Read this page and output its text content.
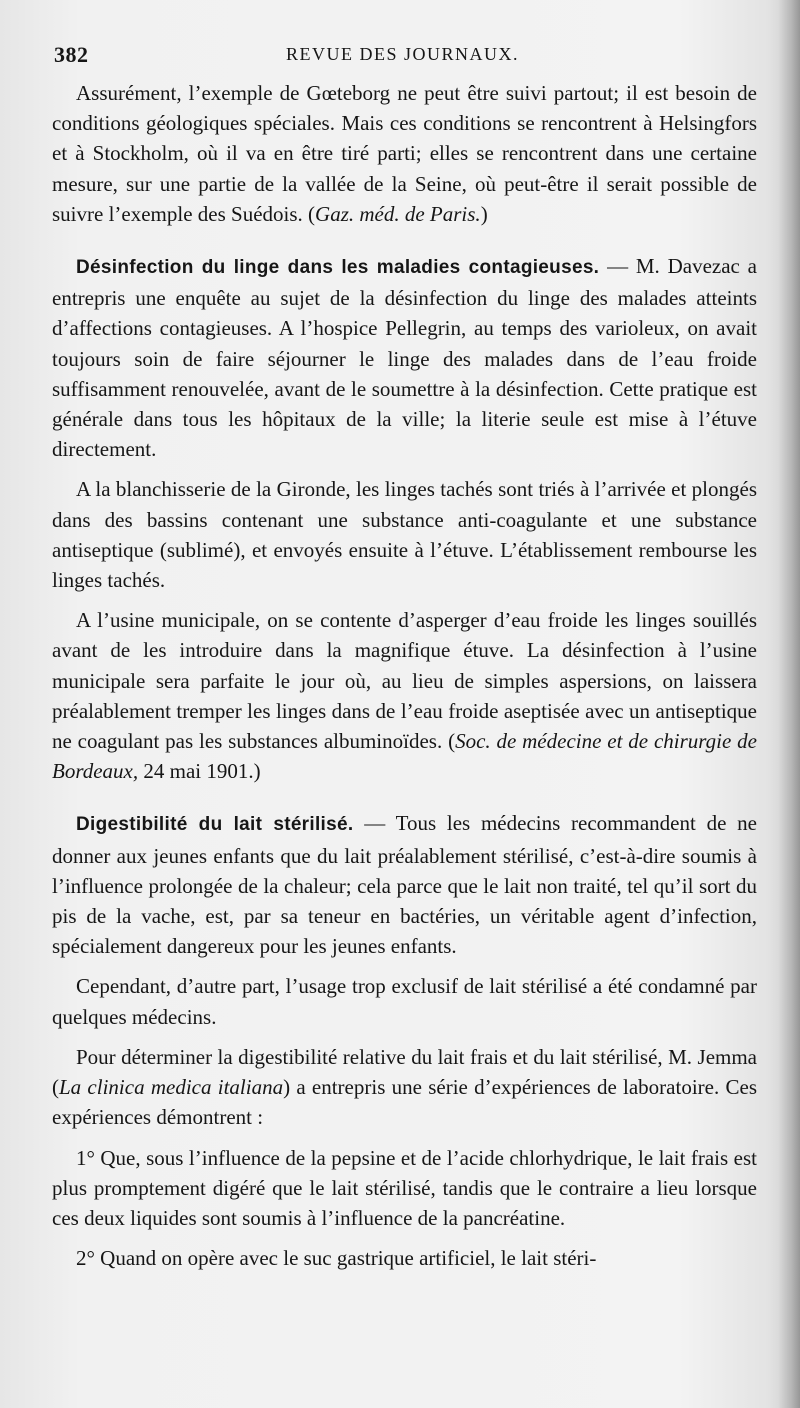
382	REVUE DES JOURNAUX.

Assurément, l’exemple de Gœteborg ne peut être suivi partout; il est besoin de conditions géologiques spéciales. Mais ces conditions se rencontrent à Helsingfors et à Stockholm, où il va en être tiré parti; elles se rencontrent dans une certaine mesure, sur une partie de la vallée de la Seine, où peut-être il serait possible de suivre l’exemple des Suédois. (Gaz. méd. de Paris.)

Désinfection du linge dans les maladies contagieuses. — M. Davezac a entrepris une enquête au sujet de la désinfection du linge des malades atteints d’affections contagieuses. A l’hospice Pellegrin, au temps des varioleux, on avait toujours soin de faire séjourner le linge des malades dans de l’eau froide suffisamment renouvelée, avant de le soumettre à la désinfection. Cette pratique est générale dans tous les hôpitaux de la ville; la literie seule est mise à l’étuve directement.

A la blanchisserie de la Gironde, les linges tachés sont triés à l’arrivée et plongés dans des bassins contenant une substance anti-coagulante et une substance antiseptique (sublimé), et envoyés ensuite à l’étuve. L’établissement rembourse les linges tachés.

A l’usine municipale, on se contente d’asperger d’eau froide les linges souillés avant de les introduire dans la magnifique étuve. La désinfection à l’usine municipale sera parfaite le jour où, au lieu de simples aspersions, on laissera préalablement tremper les linges dans de l’eau froide aseptisée avec un antiseptique ne coagulant pas les substances albuminoïdes. (Soc. de médecine et de chirurgie de Bordeaux, 24 mai 1901.)

Digestibilité du lait stérilisé. — Tous les médecins recommandent de ne donner aux jeunes enfants que du lait préalablement stérilisé, c’est-à-dire soumis à l’influence prolongée de la chaleur; cela parce que le lait non traité, tel qu’il sort du pis de la vache, est, par sa teneur en bactéries, un véritable agent d’infection, spécialement dangereux pour les jeunes enfants.

Cependant, d’autre part, l’usage trop exclusif de lait stérilisé a été condamné par quelques médecins.

Pour déterminer la digestibilité relative du lait frais et du lait stérilisé, M. Jemma (La clinica medica italiana) a entrepris une série d’expériences de laboratoire. Ces expériences démontrent :

1° Que, sous l’influence de la pepsine et de l’acide chlorhydrique, le lait frais est plus promptement digéré que le lait stérilisé, tandis que le contraire a lieu lorsque ces deux liquides sont soumis à l’influence de la pancréatine.

2° Quand on opère avec le suc gastrique artificiel, le lait stéri-
